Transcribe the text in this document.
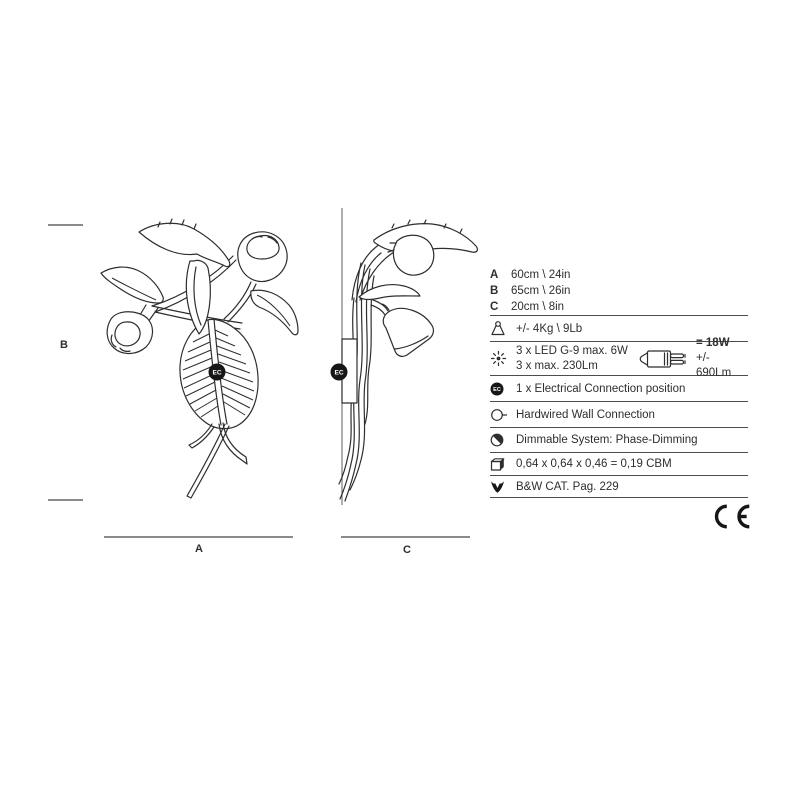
EC	EC
B
A	C
A	60cm \ 24in
B	65cm \ 26in
C	20cm \ 8in
+/- 4Kg \ 9Lb
3 x LED G-9 max. 6W
3 x max. 230Lm
= 18W
+/- 690Lm
EC 1 x Electrical Connection position
Hardwired Wall Connection
Dimmable System: Phase-Dimming
0,64 x 0,64 x 0,46 = 0,19 CBM
B&W CAT. Pag. 229
